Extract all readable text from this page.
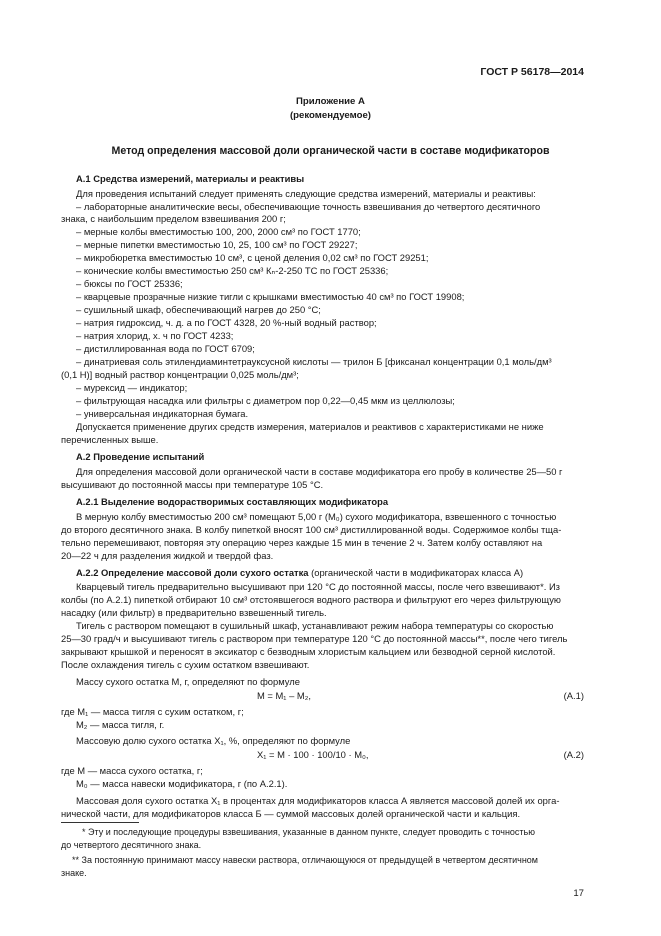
ГОСТ Р 56178—2014
Приложение А
(рекомендуемое)
Метод определения массовой доли органической части в составе модификаторов
А.1 Средства измерений, материалы и реактивы
Для проведения испытаний следует применять следующие средства измерений, материалы и реактивы:
– лабораторные аналитические весы, обеспечивающие точность взвешивания до четвертого десятичного
знака, с наибольшим пределом взвешивания 200 г;
– мерные колбы вместимостью 100, 200, 2000 см³ по ГОСТ 1770;
– мерные пипетки вместимостью 10, 25, 100 см³ по ГОСТ 29227;
– микробюретка вместимостью 10 см³, с ценой деления 0,02 см³ по ГОСТ 29251;
– конические колбы вместимостью 250 см³ Кₙ-2-250 ТС по ГОСТ 25336;
– бюксы по ГОСТ 25336;
– кварцевые прозрачные низкие тигли с крышками вместимостью 40 см³ по ГОСТ 19908;
– сушильный шкаф, обеспечивающий нагрев до 250 °С;
– натрия гидроксид, ч. д. а по ГОСТ 4328, 20 %-ный водный раствор;
– натрия хлорид, х. ч по ГОСТ 4233;
– дистиллированная вода по ГОСТ 6709;
– динатриевая соль этилендиаминтетрауксусной кислоты — трилон Б [фиксанал концентрации 0,1 моль/дм³
(0,1 Н)] водный раствор концентрации 0,025 моль/дм³;
– мурексид — индикатор;
– фильтрующая насадка или фильтры с диаметром пор 0,22—0,45 мкм из целлюлозы;
– универсальная индикаторная бумага.
Допускается применение других средств измерения, материалов и реактивов с характеристиками не ниже
перечисленных выше.
А.2 Проведение испытаний
Для определения массовой доли органической части в составе модификатора его пробу в количестве 25—50 г
высушивают до постоянной массы при температуре 105 °С.
А.2.1 Выделение водорастворимых составляющих модификатора
В мерную колбу вместимостью 200 см³ помещают 5,00 г (M₀) сухого модификатора, взвешенного с точностью
до второго десятичного знака. В колбу пипеткой вносят 100 см³ дистиллированной воды. Содержимое колбы тща-
тельно перемешивают, повторяя эту операцию через каждые 15 мин в течение 2 ч. Затем колбу оставляют на
20—22 ч для разделения жидкой и твердой фаз.
А.2.2 Определение массовой доли сухого остатка (органической части в модификаторах класса А)
Кварцевый тигель предварительно высушивают при 120 °С до постоянной массы, после чего взвешивают*. Из
колбы (по А.2.1) пипеткой отбирают 10 см³ отстоявшегося водного раствора и фильтруют его через фильтрующую
насадку (или фильтр) в предварительно взвешенный тигель.
Тигель с раствором помещают в сушильный шкаф, устанавливают режим набора температуры со скоростью
25—30 град/ч и высушивают тигель с раствором при температуре 120 °С до постоянной массы**, после чего тигель
закрывают крышкой и переносят в эксикатор с безводным хлористым кальцием или безводной серной кислотой.
После охлаждения тигель с сухим остатком взвешивают.
Массу сухого остатка M, г, определяют по формуле
M = M₁ – M₂,	(А.1)
где M₁ — масса тигля с сухим остатком, г;
M₂ — масса тигля, г.
Массовую долю сухого остатка X₁, %, определяют по формуле
X₁ = M · 100 · 100/10 · M₀,	(А.2)
где M — масса сухого остатка, г;
M₀ — масса навески модификатора, г (по А.2.1).
Массовая доля сухого остатка X₁ в процентах для модификаторов класса А является массовой долей их орга-
нической части, для модификаторов класса Б — суммой массовых долей органической части и кальция.
* Эту и последующие процедуры взвешивания, указанные в данном пункте, следует проводить с точностью
до четвертого десятичного знака.
** За постоянную принимают массу навески раствора, отличающуюся от предыдущей в четвертом десятичном
знаке.
17
